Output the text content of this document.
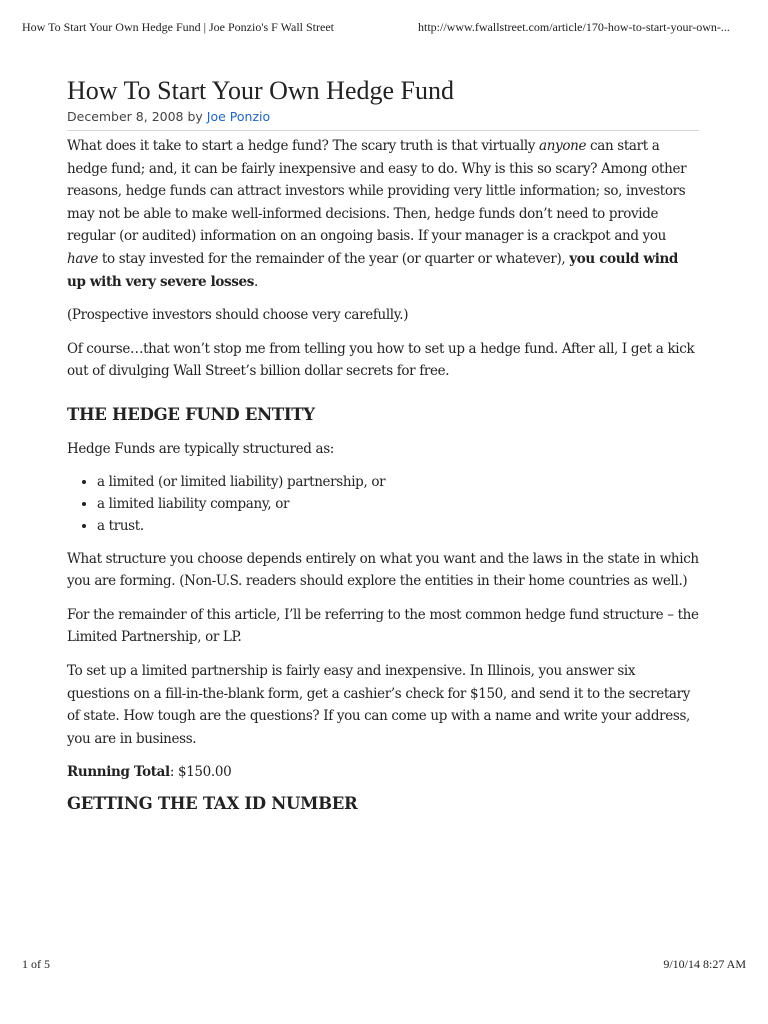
How To Start Your Own Hedge Fund | Joe Ponzio's F Wall Street	http://www.fwallstreet.com/article/170-how-to-start-your-own-...
How To Start Your Own Hedge Fund
December 8, 2008 by Joe Ponzio

What does it take to start a hedge fund? The scary truth is that virtually anyone can start a hedge fund; and, it can be fairly inexpensive and easy to do. Why is this so scary? Among other reasons, hedge funds can attract investors while providing very little information; so, investors may not be able to make well-informed decisions. Then, hedge funds don’t need to provide regular (or audited) information on an ongoing basis. If your manager is a crackpot and you have to stay invested for the remainder of the year (or quarter or whatever), you could wind up with very severe losses.

(Prospective investors should choose very carefully.)

Of course…that won’t stop me from telling you how to set up a hedge fund. After all, I get a kick out of divulging Wall Street’s billion dollar secrets for free.

THE HEDGE FUND ENTITY

Hedge Funds are typically structured as:

• a limited (or limited liability) partnership, or
• a limited liability company, or
• a trust.

What structure you choose depends entirely on what you want and the laws in the state in which you are forming. (Non-U.S. readers should explore the entities in their home countries as well.)

For the remainder of this article, I’ll be referring to the most common hedge fund structure – the Limited Partnership, or LP.

To set up a limited partnership is fairly easy and inexpensive. In Illinois, you answer six questions on a fill-in-the-blank form, get a cashier’s check for $150, and send it to the secretary of state. How tough are the questions? If you can come up with a name and write your address, you are in business.

Running Total: $150.00

GETTING THE TAX ID NUMBER
1 of 5	9/10/14 8:27 AM
